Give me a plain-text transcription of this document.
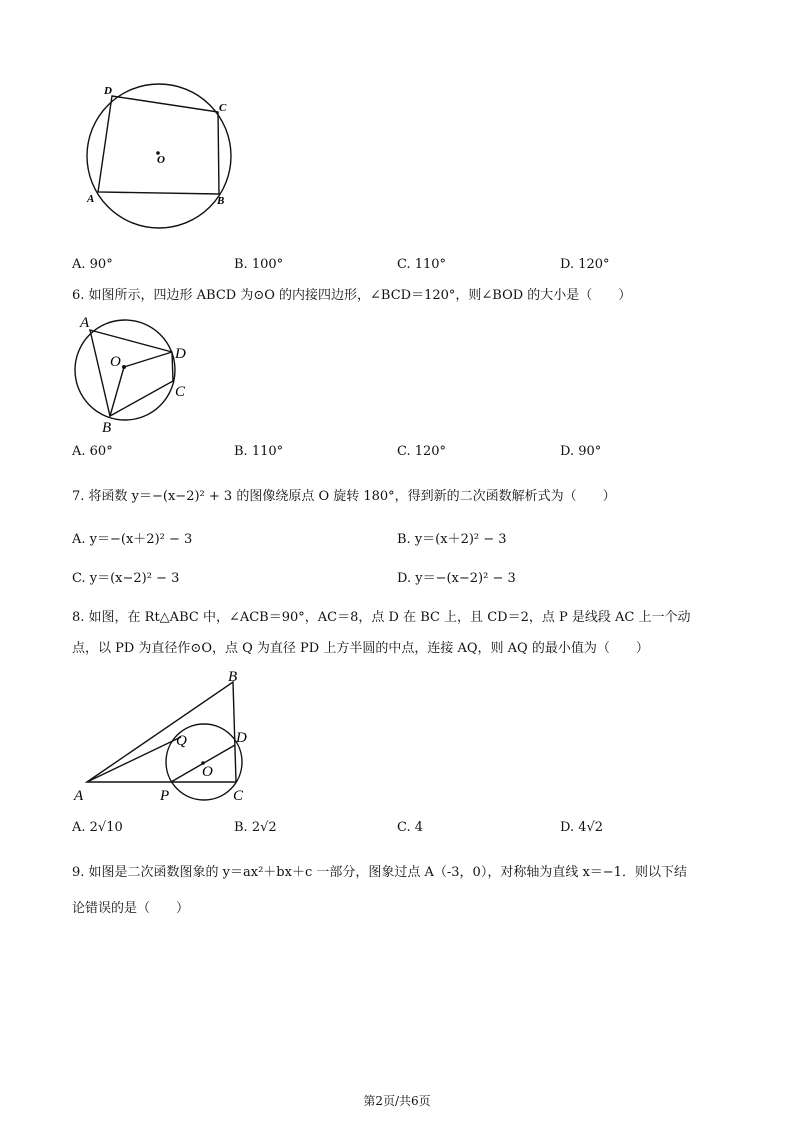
D
C
O
A	B
A. 90°	B. 100°	C. 110°	D. 120°
6. 如图所示，四边形 ABCD 为⊙O 的内接四边形，∠BCD＝120°，则∠BOD 的大小是（　　）
A
O	D
C
B
A. 60°	B. 110°	C. 120°	D. 90°
7. 将函数 y＝−(x−2)² + 3 的图像绕原点 O 旋转 180°，得到新的二次函数解析式为（　　）
A. y＝−(x＋2)² − 3	B. y＝(x＋2)² − 3
C. y＝(x−2)² − 3	D. y＝−(x−2)² − 3
8. 如图，在 Rt△ABC 中，∠ACB＝90°，AC＝8，点 D 在 BC 上，且 CD＝2，点 P 是线段 AC 上一个动
点，以 PD 为直径作⊙O，点 Q 为直径 PD 上方半圆的中点，连接 AQ，则 AQ 的最小值为（　　）
B
Q	D
O
A	P	C
A. 2√10	B. 2√2	C. 4	D. 4√2
9. 如图是二次函数图象的 y＝ax²＋bx＋c 一部分，图象过点 A（-3，0），对称轴为直线 x＝−1．则以下结
论错误的是（　　）
第2页/共6页
